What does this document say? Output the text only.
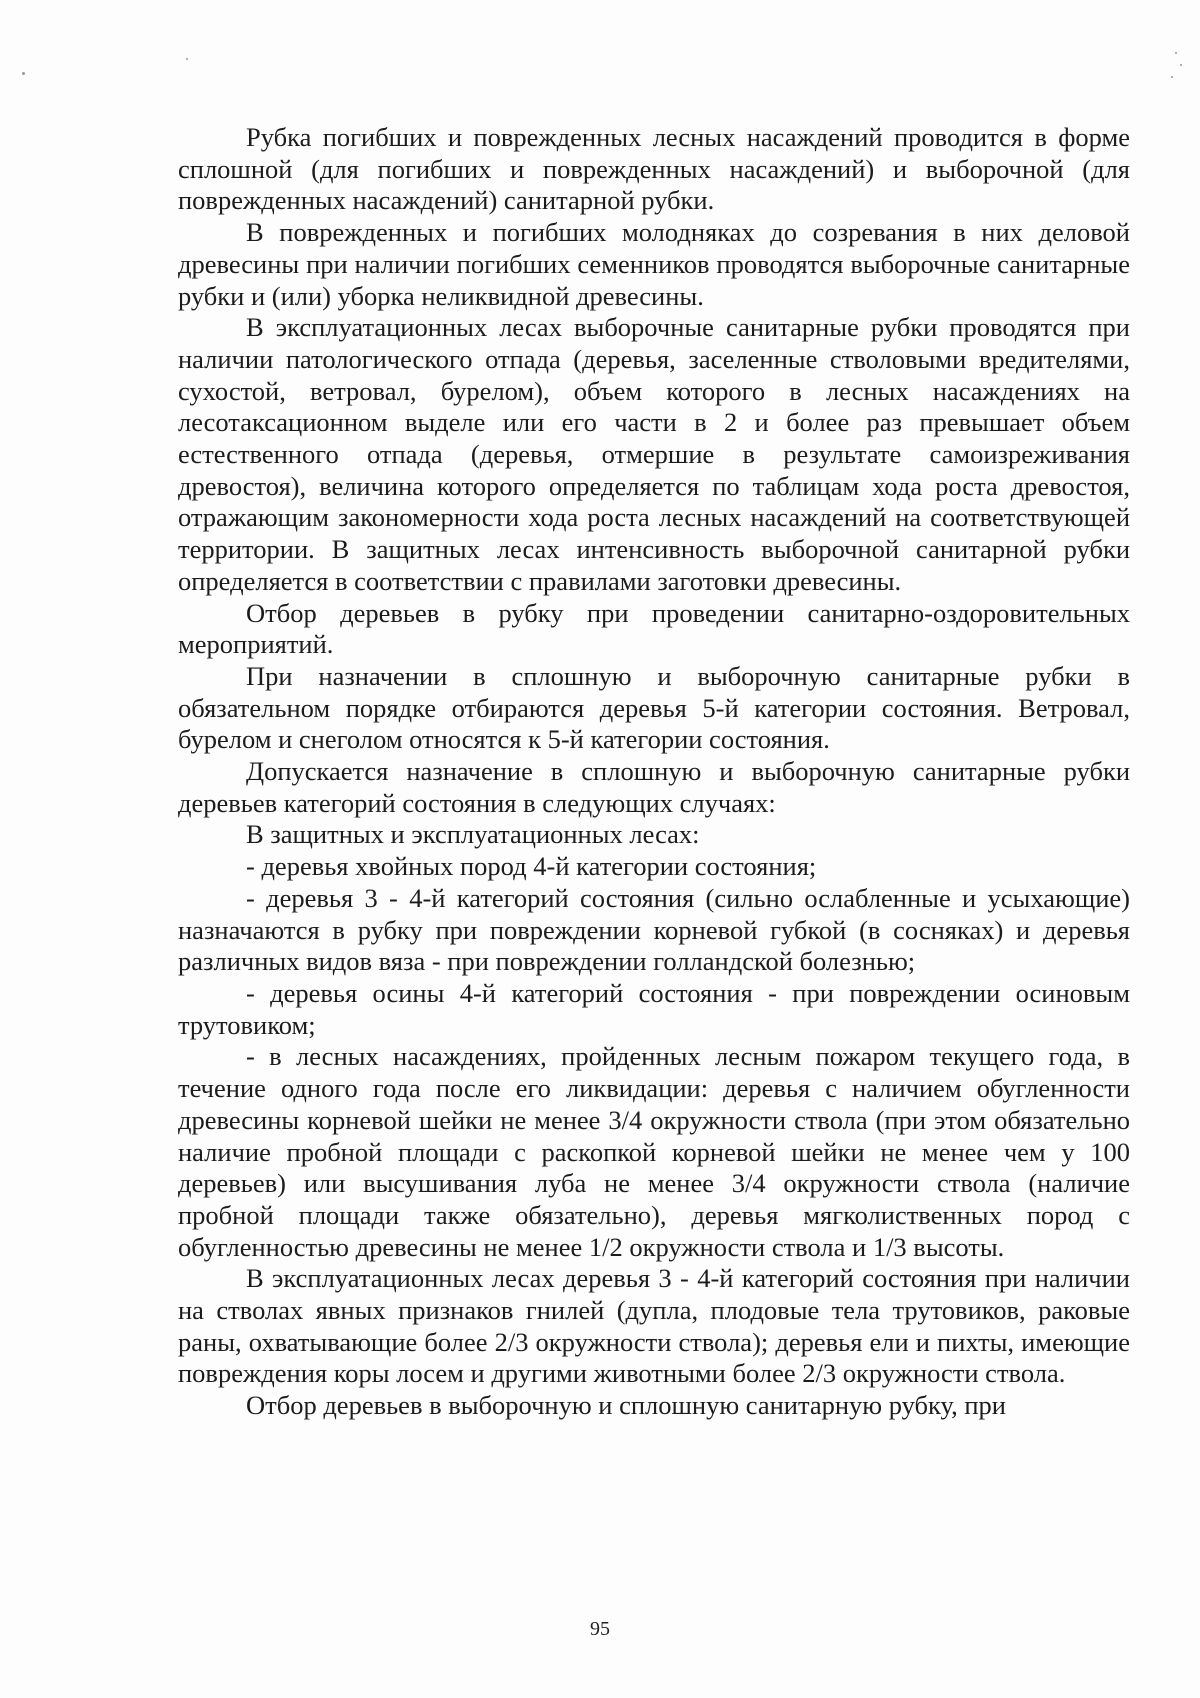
Рубка погибших и поврежденных лесных насаждений проводится в форме сплошной (для погибших и поврежденных насаждений) и выборочной (для поврежденных насаждений) санитарной рубки.

В поврежденных и погибших молодняках до созревания в них деловой древесины при наличии погибших семенников проводятся выборочные санитарные рубки и (или) уборка неликвидной древесины.

В эксплуатационных лесах выборочные санитарные рубки проводятся при наличии патологического отпада (деревья, заселенные стволовыми вредителями, сухостой, ветровал, бурелом), объем которого в лесных насаждениях на лесотаксационном выделе или его части в 2 и более раз превышает объем естественного отпада (деревья, отмершие в результате самоизреживания древостоя), величина которого определяется по таблицам хода роста древостоя, отражающим закономерности хода роста лесных насаждений на соответствующей территории. В защитных лесах интенсивность выборочной санитарной рубки определяется в соответствии с правилами заготовки древесины.

Отбор деревьев в рубку при проведении санитарно-оздоровительных мероприятий.

При назначении в сплошную и выборочную санитарные рубки в обязательном порядке отбираются деревья 5-й категории состояния. Ветровал, бурелом и снеголом относятся к 5-й категории состояния.

Допускается назначение в сплошную и выборочную санитарные рубки деревьев категорий состояния в следующих случаях:

В защитных и эксплуатационных лесах:

- деревья хвойных пород 4-й категории состояния;

- деревья 3 - 4-й категорий состояния (сильно ослабленные и усыхающие) назначаются в рубку при повреждении корневой губкой (в сосняках) и деревья различных видов вяза - при повреждении голландской болезнью;

- деревья осины 4-й категорий состояния - при повреждении осиновым трутовиком;

- в лесных насаждениях, пройденных лесным пожаром текущего года, в течение одного года после его ликвидации: деревья с наличием обугленности древесины корневой шейки не менее 3/4 окружности ствола (при этом обязательно наличие пробной площади с раскопкой корневой шейки не менее чем у 100 деревьев) или высушивания луба не менее 3/4 окружности ствола (наличие пробной площади также обязательно), деревья мягколиственных пород с обугленностью древесины не менее 1/2 окружности ствола и 1/3 высоты.

В эксплуатационных лесах деревья 3 - 4-й категорий состояния при наличии на стволах явных признаков гнилей (дупла, плодовые тела трутовиков, раковые раны, охватывающие более 2/3 окружности ствола); деревья ели и пихты, имеющие повреждения коры лосем и другими животными более 2/3 окружности ствола.

Отбор деревьев в выборочную и сплошную санитарную рубку, при

95
